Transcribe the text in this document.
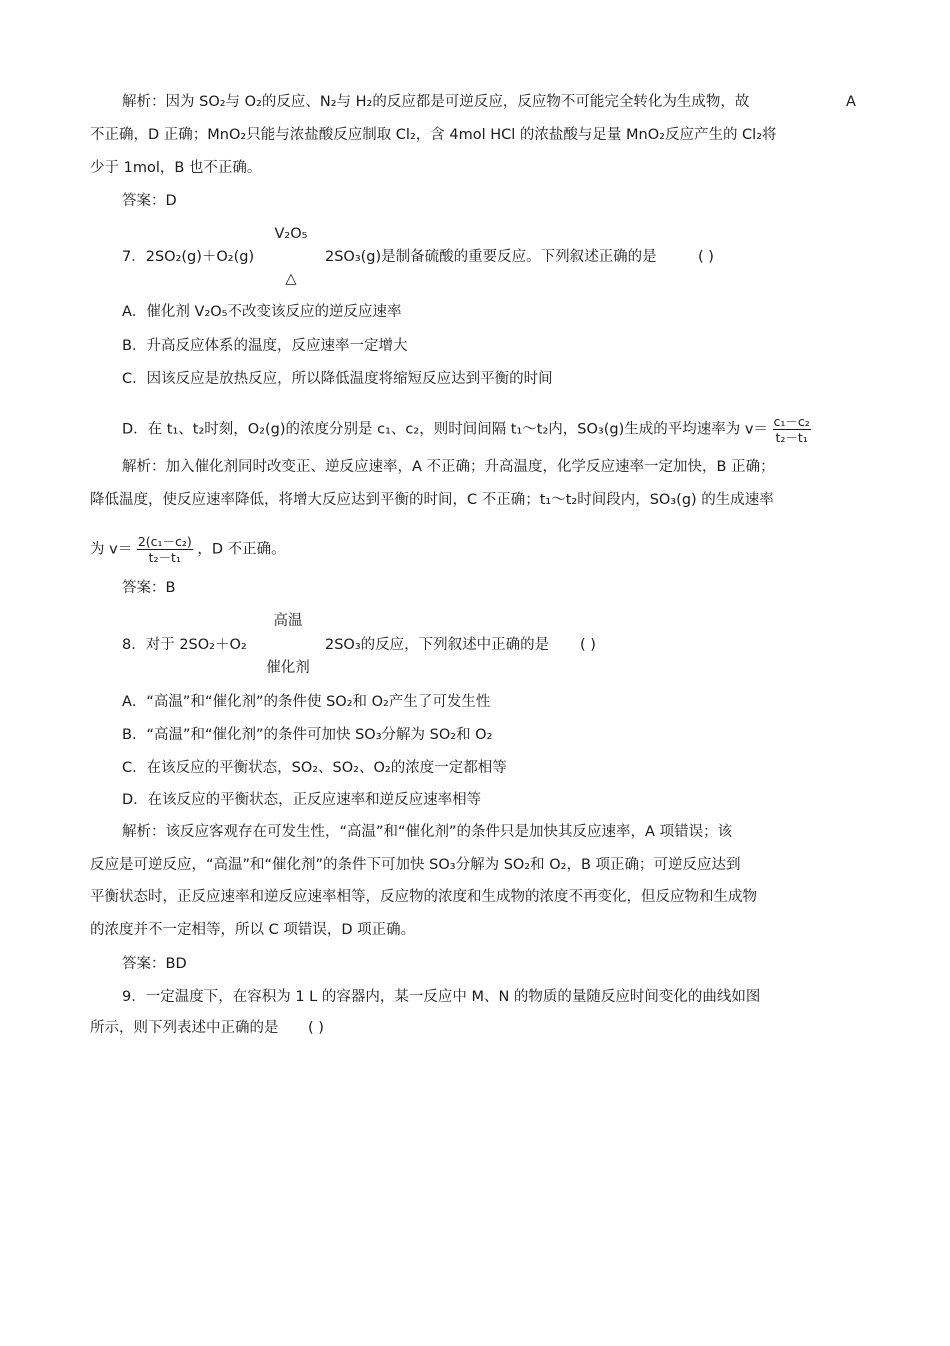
解析：因为 SO₂与 O₂的反应、N₂与 H₂的反应都是可逆反应，反应物不可能完全转化为生成物，故	A
不正确，D 正确；MnO₂只能与浓盐酸反应制取 Cl₂，含 4mol HCl 的浓盐酸与足量 MnO₂反应产生的 Cl₂将
少于 1mol，B 也不正确。
答案：D
V₂O₅
7．2SO₂(g)＋O₂(g)	2SO₃(g)是制备硫酸的重要反应。下列叙述正确的是	( )
△
A．催化剂 V₂O₅不改变该反应的逆反应速率
B．升高反应体系的温度，反应速率一定增大
C．因该反应是放热反应，所以降低温度将缩短反应达到平衡的时间
D．在 t₁、t₂时刻，O₂(g)的浓度分别是 c₁、c₂，则时间间隔 t₁～t₂内，SO₃(g)生成的平均速率为 $v= \frac{\text{c₁－c₂}}{\text{t₂－t₁}}$
解析：加入催化剂同时改变正、逆反应速率，A 不正确；升高温度，化学反应速率一定加快，B 正确；
降低温度，使反应速率降低，将增大反应达到平衡的时间，C 不正确；t₁～t₂时间段内，SO₃(g) 的生成速率
为 $v= \frac{\text{2(c₁－c₂)}}{\text{t₂－t₁}}$ ，D 不正确。
答案：B
高温
8．对于 2SO₂＋O₂	2SO₃的反应，下列叙述中正确的是 ( )
催化剂
A．“高温”和“催化剂”的条件使 SO₂和 O₂产生了可发生性
B．“高温”和“催化剂”的条件可加快 SO₃分解为 SO₂和 O₂
C．在该反应的平衡状态，SO₂、SO₂、O₂的浓度一定都相等
D．在该反应的平衡状态，正反应速率和逆反应速率相等
解析：该反应客观存在可发生性，“高温”和“催化剂”的条件只是加快其反应速率，A 项错误；该
反应是可逆反应，“高温”和“催化剂”的条件下可加快 SO₃分解为 SO₂和 O₂，B 项正确；可逆反应达到
平衡状态时，正反应速率和逆反应速率相等，反应物的浓度和生成物的浓度不再变化，但反应物和生成物
的浓度并不一定相等，所以 C 项错误，D 项正确。
答案：BD
9．一定温度下，在容积为 1 L 的容器内，某一反应中 M、N 的物质的量随反应时间变化的曲线如图
所示，则下列表述中正确的是 ( )
